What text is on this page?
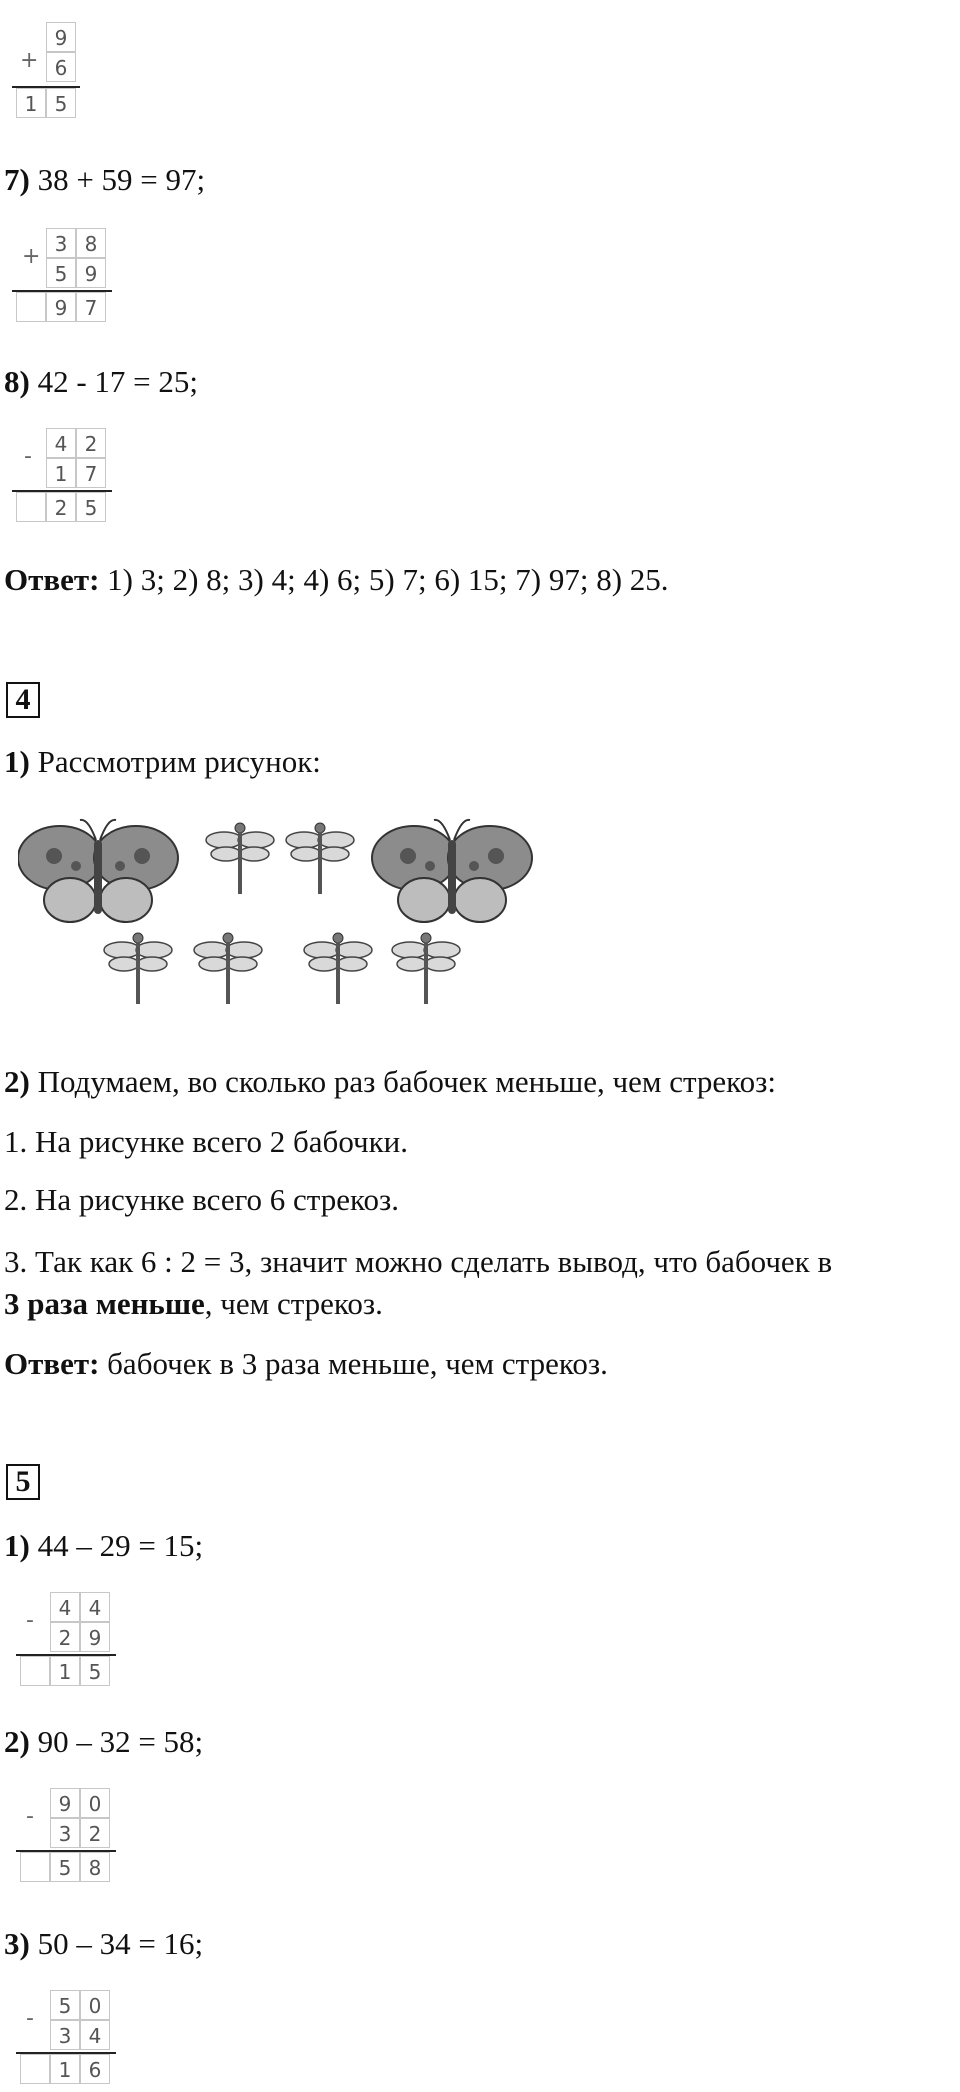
+
9
6
1 5
7) 38 + 59 = 97;
+ 3 8
5 9
9 7
8) 42 - 17 = 25;
-	4 2
1 7
2 5
Ответ: 1) 3; 2) 8; 3) 4; 4) 6; 5) 7; 6) 15; 7) 97; 8) 25.
4
1) Рассмотрим рисунок:
2) Подумаем, во сколько раз бабочек меньше, чем стрекоз:
1. На рисунке всего 2 бабочки.
2. На рисунке всего 6 стрекоз.
3. Так как 6 : 2 = 3, значит можно сделать вывод, что бабочек в
3 раза меньше, чем стрекоз.
Ответ: бабочек в 3 раза меньше, чем стрекоз.
5
1) 44 – 29 = 15;
-	4 4
2 9
1 5
2) 90 – 32 = 58;
-	9 0
3 2
5 8
3) 50 – 34 = 16;
-	5 0
3 4
1 6
